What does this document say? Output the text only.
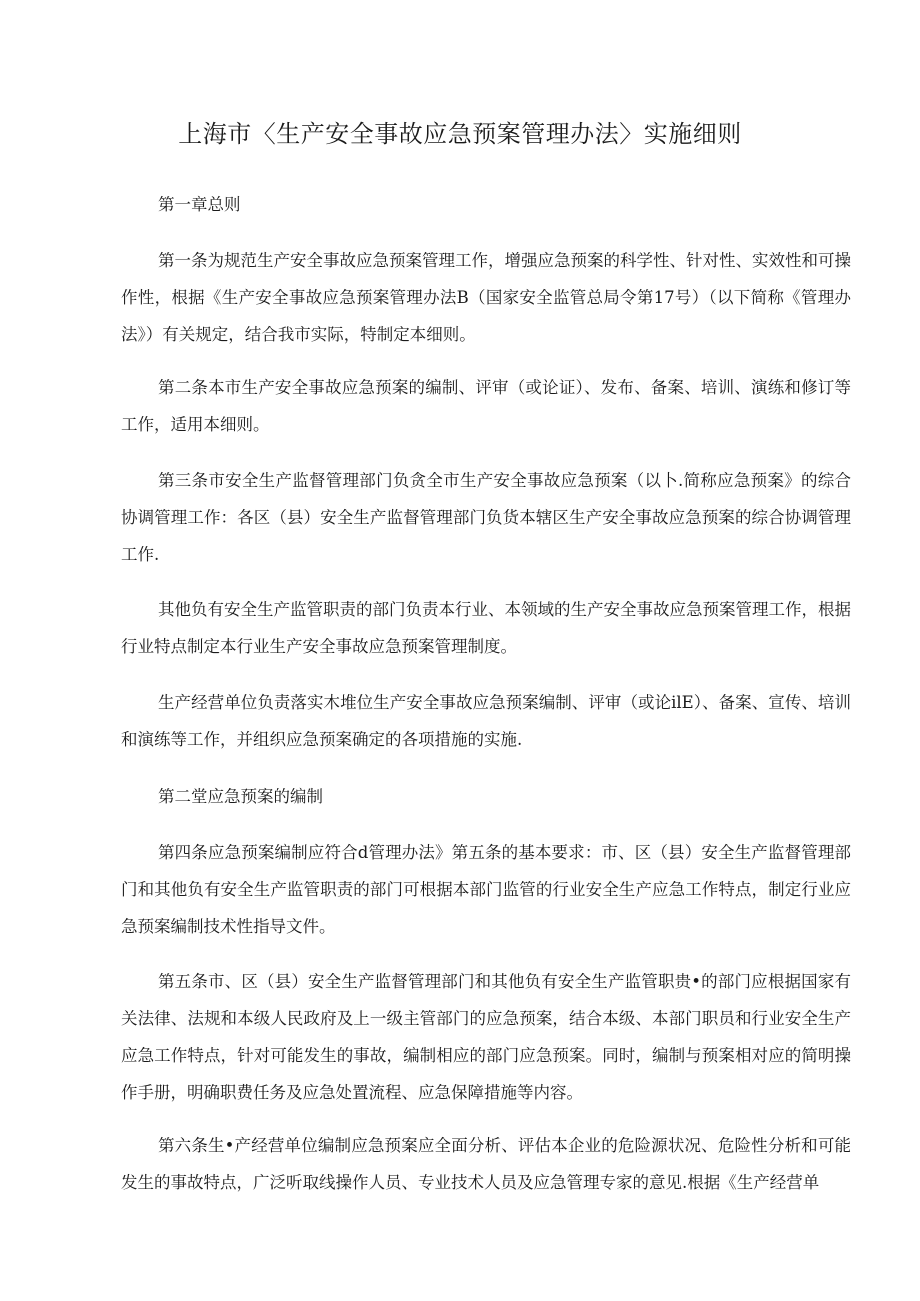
上海市〈生产安全事故应急预案管理办法〉实施细则

第一章总则

第一条为规范生产安全事故应急预案管理工作，增强应急预案的科学性、针对性、实效性和可操作性，根据《生产安全事故应急预案管理办法B（国家安全监管总局令第17号）（以下简称《管理办法》）有关规定，结合我市实际，特制定本细则。

第二条本市生产安全事故应急预案的编制、评审（或论证）、发布、备案、培训、演练和修订等工作，适用本细则。

第三条市安全生产监督管理部门负贪全市生产安全事故应急预案（以卜.简称应急预案》的综合协调管理工作：各区（县）安全生产监督管理部门负货本辖区生产安全事故应急预案的综合协调管理工作.

其他负有安全生产监管职责的部门负责本行业、本领域的生产安全事故应急预案管理工作，根据行业特点制定本行业生产安全事故应急预案管理制度。

生产经营单位负责落实木堆位生产安全事故应急预案编制、评审（或论ilE）、备案、宣传、培训和演练等工作，并组织应急预案确定的各项措施的实施.

第二堂应急预案的编制

第四条应急预案编制应符合d管理办法》第五条的基本要求：市、区（县）安全生产监督管理部门和其他负有安全生产监管职责的部门可根据本部门监管的行业安全生产应急工作特点，制定行业应急预案编制技术性指导文件。

第五条市、区（县）安全生产监督管理部门和其他负有安全生产监管职贵•的部门应根据国家有关法律、法规和本级人民政府及上一级主管部门的应急预案，结合本级、本部门职员和行业安全生产应急工作特点，针对可能发生的事故，编制相应的部门应急预案。同时，编制与预案相对应的简明操作手册，明确职费任务及应急处置流程、应急保障措施等内容。

第六条生•产经营单位编制应急预案应全面分析、评估本企业的危险源状况、危险性分析和可能发生的事故特点，广泛听取线操作人员、专业技术人员及应急管理专家的意见.根据《生产经营单
